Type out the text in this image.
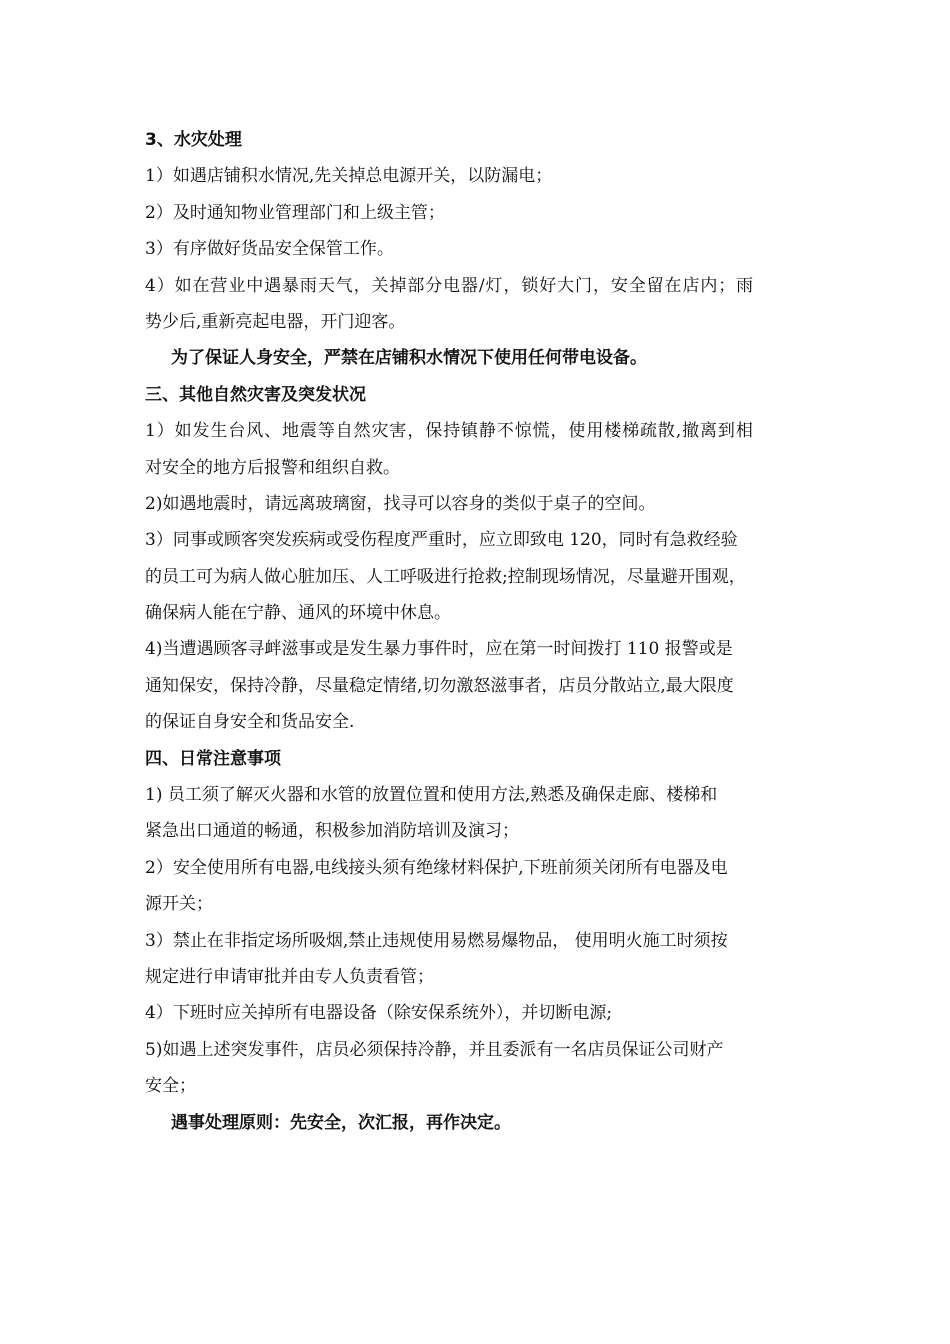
3、水灾处理
1）如遇店铺积水情况,先关掉总电源开关，以防漏电；
2）及时通知物业管理部门和上级主管；
3）有序做好货品安全保管工作。
4）如在营业中遇暴雨天气，关掉部分电器/灯，锁好大门，安全留在店内；雨
势少后,重新亮起电器，开门迎客。
为了保证人身安全，严禁在店铺积水情况下使用任何带电设备。
三、其他自然灾害及突发状况
1）如发生台风、地震等自然灾害，保持镇静不惊慌，使用楼梯疏散,撤离到相
对安全的地方后报警和组织自救。
2)如遇地震时，请远离玻璃窗，找寻可以容身的类似于桌子的空间。
3）同事或顾客突发疾病或受伤程度严重时，应立即致电 120，同时有急救经验
的员工可为病人做心脏加压、人工呼吸进行抢救;控制现场情况，尽量避开围观，
确保病人能在宁静、通风的环境中休息。
4)当遭遇顾客寻衅滋事或是发生暴力事件时，应在第一时间拨打 110 报警或是
通知保安，保持冷静，尽量稳定情绪,切勿激怒滋事者，店员分散站立,最大限度
的保证自身安全和货品安全.
四、日常注意事项
1) 员工须了解灭火器和水管的放置位置和使用方法,熟悉及确保走廊、楼梯和
紧急出口通道的畅通，积极参加消防培训及演习；
2）安全使用所有电器,电线接头须有绝缘材料保护,下班前须关闭所有电器及电
源开关；
3）禁止在非指定场所吸烟,禁止违规使用易燃易爆物品， 使用明火施工时须按
规定进行申请审批并由专人负责看管；
4）下班时应关掉所有电器设备（除安保系统外），并切断电源;
5)如遇上述突发事件，店员必须保持冷静，并且委派有一名店员保证公司财产
安全；
遇事处理原则：先安全，次汇报，再作决定。
